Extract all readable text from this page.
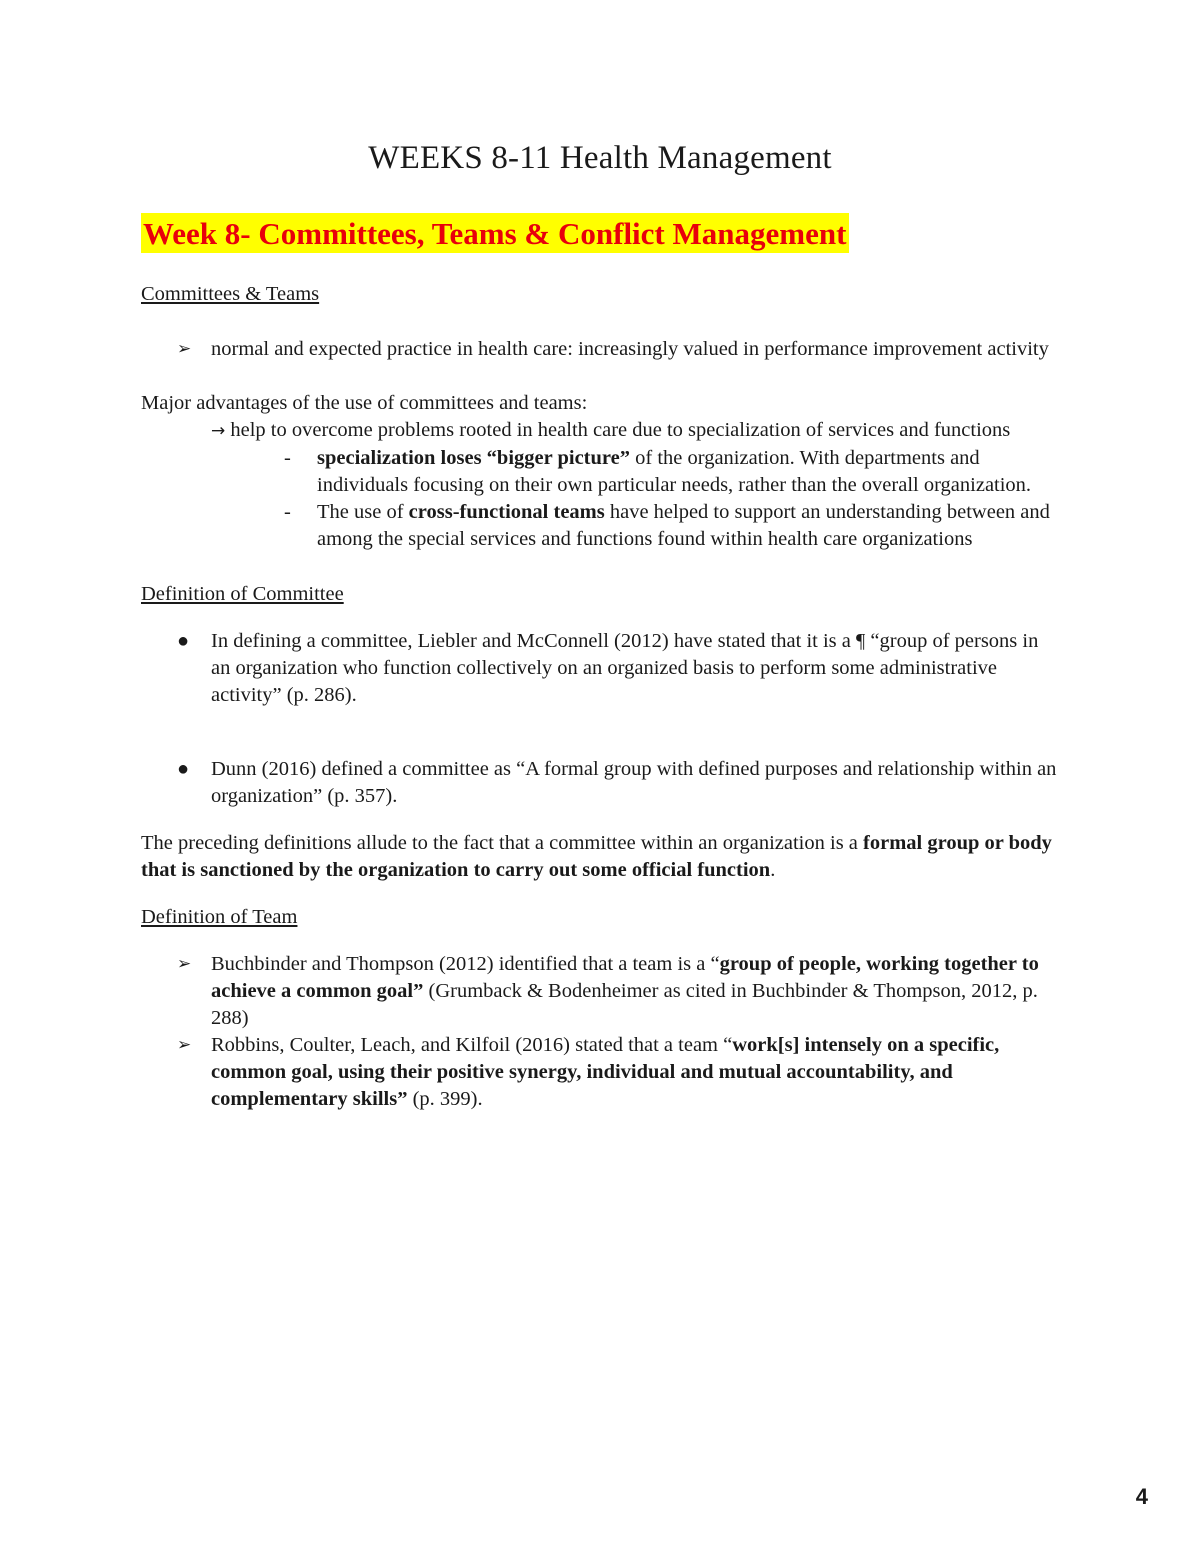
WEEKS 8-11 Health Management
Week 8- Committees, Teams & Conflict Management
Committees & Teams
➢ normal and expected practice in health care: increasingly valued in performance improvement activity
Major advantages of the use of committees and teams:
→ help to overcome problems rooted in health care due to specialization of services and functions
- specialization loses “bigger picture” of the organization. With departments and individuals focusing on their own particular needs, rather than the overall organization.
- The use of cross-functional teams have helped to support an understanding between and among the special services and functions found within health care organizations
Definition of Committee
● In defining a committee, Liebler and McConnell (2012) have stated that it is a ¶ “group of persons in an organization who function collectively on an organized basis to perform some administrative activity” (p. 286).
● Dunn (2016) defined a committee as “A formal group with defined purposes and relationship within an organization” (p. 357).
The preceding definitions allude to the fact that a committee within an organization is a formal group or body that is sanctioned by the organization to carry out some official function.
Definition of Team
➢ Buchbinder and Thompson (2012) identified that a team is a “group of people, working together to achieve a common goal” (Grumback & Bodenheimer as cited in Buchbinder & Thompson, 2012, p. 288)
➢ Robbins, Coulter, Leach, and Kilfoil (2016) stated that a team “work[s] intensely on a specific, common goal, using their positive synergy, individual and mutual accountability, and complementary skills” (p. 399).
4
